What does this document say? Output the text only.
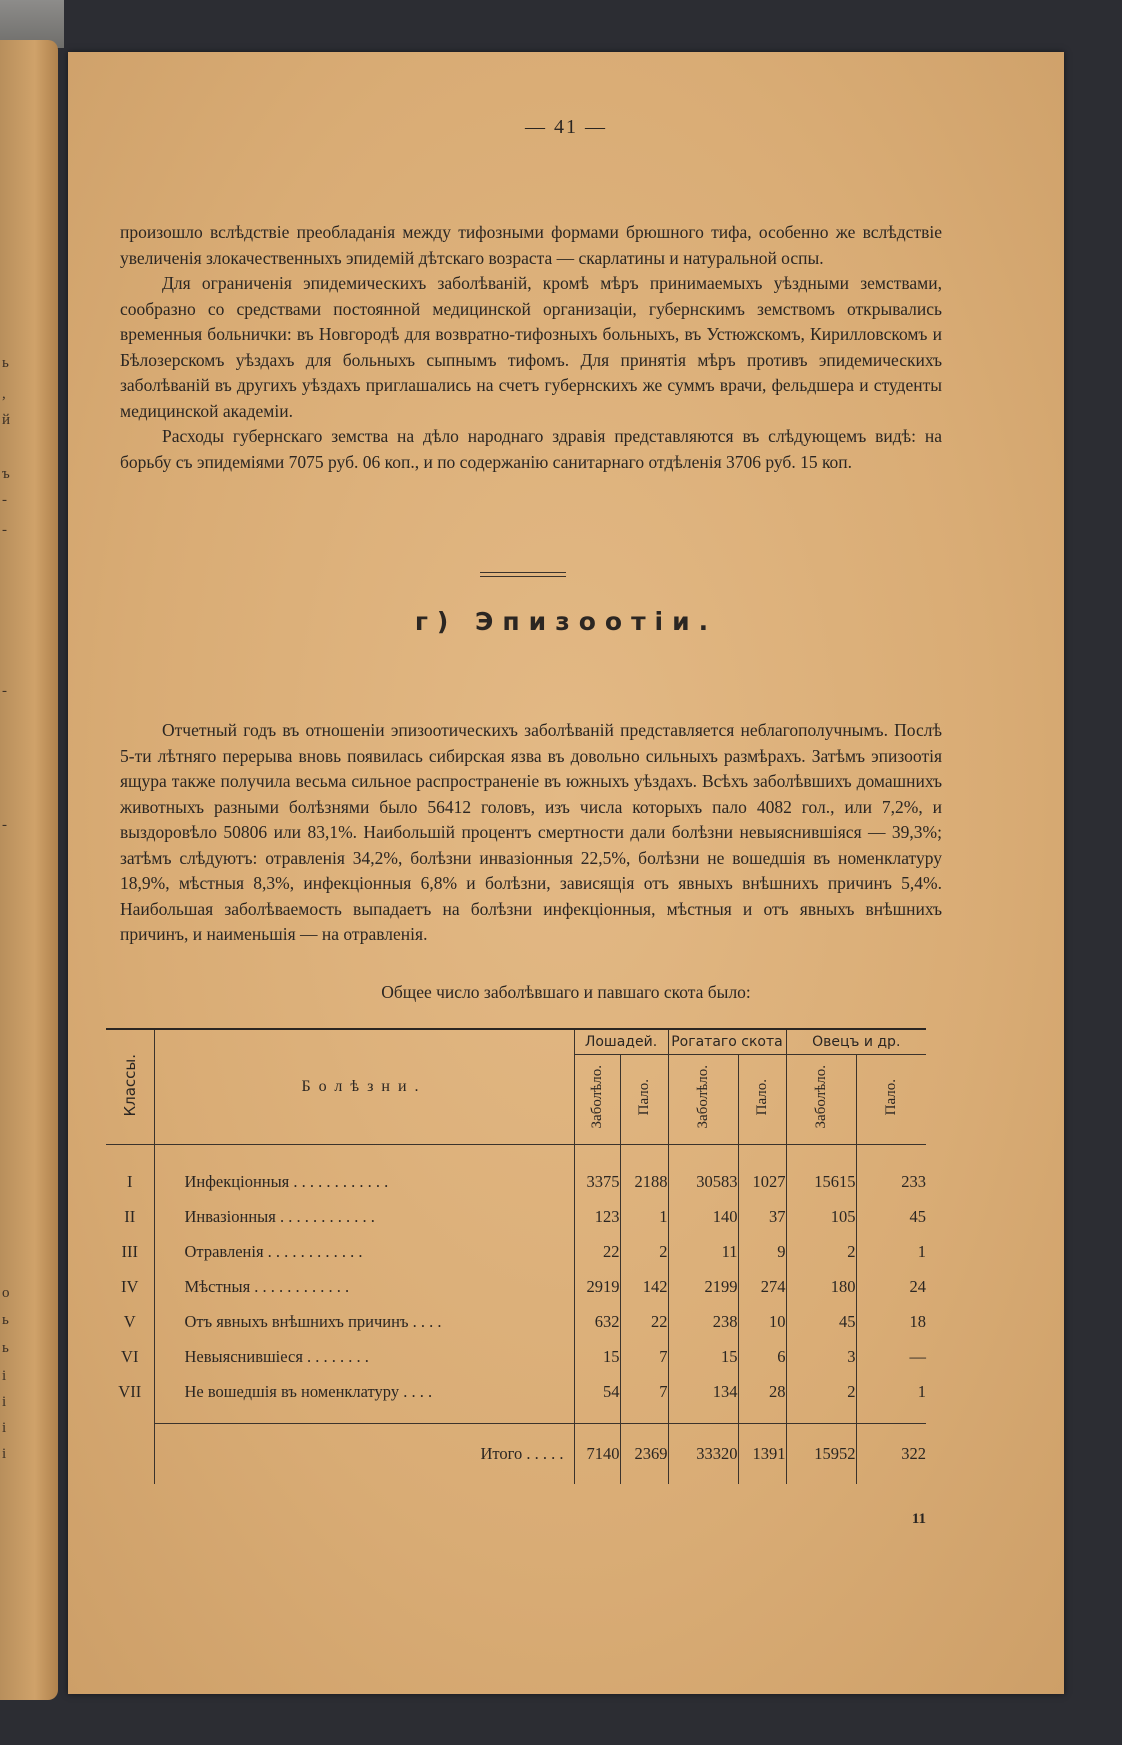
ь
,
й
ъ
-
-
-
-
о
ь
ь
і
і
і
і
— 41 —

произошло вслѣдствіе преобладанія между тифозными формами брюшного тифа, особенно же вслѣдствіе увеличенія злокачественныхъ эпидемій дѣтскаго возраста — скарлатины и натуральной оспы.

Для ограниченія эпидемическихъ заболѣваній, кромѣ мѣръ принимаемыхъ уѣздными земствами, сообразно со средствами постоянной медицинской организаціи, губернскимъ земствомъ открывались временныя больнички: въ Новгородѣ для возвратно-тифозныхъ больныхъ, въ Устюжскомъ, Кирилловскомъ и Бѣлозерскомъ уѣздахъ для больныхъ сыпнымъ тифомъ. Для принятія мѣръ противъ эпидемическихъ заболѣваній въ другихъ уѣздахъ приглашались на счетъ губернскихъ же суммъ врачи, фельдшера и студенты медицинской академіи.

Расходы губернскаго земства на дѣло народнаго здравія представляются въ слѣдующемъ видѣ: на борьбу съ эпидеміями 7075 руб. 06 коп., и по содержанію санитарнаго отдѣленія 3706 руб. 15 коп.

г) Эпизоотіи.

Отчетный годъ въ отношеніи эпизоотическихъ заболѣваній представляется неблагополучнымъ. Послѣ 5-ти лѣтняго перерыва вновь появилась сибирская язва въ довольно сильныхъ размѣрахъ. Затѣмъ эпизоотія ящура также получила весьма сильное распространеніе въ южныхъ уѣздахъ. Всѣхъ заболѣвшихъ домашнихъ животныхъ разными болѣзнями было 56412 головъ, изъ числа которыхъ пало 4082 гол., или 7,2%, и выздоровѣло 50806 или 83,1%. Наибольшій процентъ смертности дали болѣзни невыяснившіяся — 39,3%; затѣмъ слѣдуютъ: отравленія 34,2%, болѣзни инвазіонныя 22,5%, болѣзни не вошедшія въ номенклатуру 18,9%, мѣстныя 8,3%, инфекціонныя 6,8% и болѣзни, зависящія отъ явныхъ внѣшнихъ причинъ 5,4%. Наибольшая заболѣваемость выпадаетъ на болѣзни инфекціонныя, мѣстныя и отъ явныхъ внѣшнихъ причинъ, и наименьшія — на отравленія.

Общее число заболѣвшаго и павшаго скота было:
Классы.	Болѣзни.	Лошадей.		Рогатаго скота		Овецъ и др.	
		Заболѣло.	Пало.	Заболѣло.	Пало.	Заболѣло.	Пало.

I	Инфекціонныя . . . . . . . . . . . .	3375	2188	30583	1027	15615	233
II	Инвазіонныя . . . . . . . . . . . .	123	1	140	37	105	45
III	Отравленія . . . . . . . . . . . .	22	2	11	9	2	1
IV	Мѣстныя . . . . . . . . . . . .	2919	142	2199	274	180	24
V	Отъ явныхъ внѣшнихъ причинъ . . . .	632	22	238	10	45	18
VI	Невыяснившіеся . . . . . . . .	15	7	15	6	3	—
VII	Не вошедшія въ номенклатуру . . . .	54	7	134	28	2	1

	Итого . . . . .	7140	2369	33320	1391	15952	322
11
